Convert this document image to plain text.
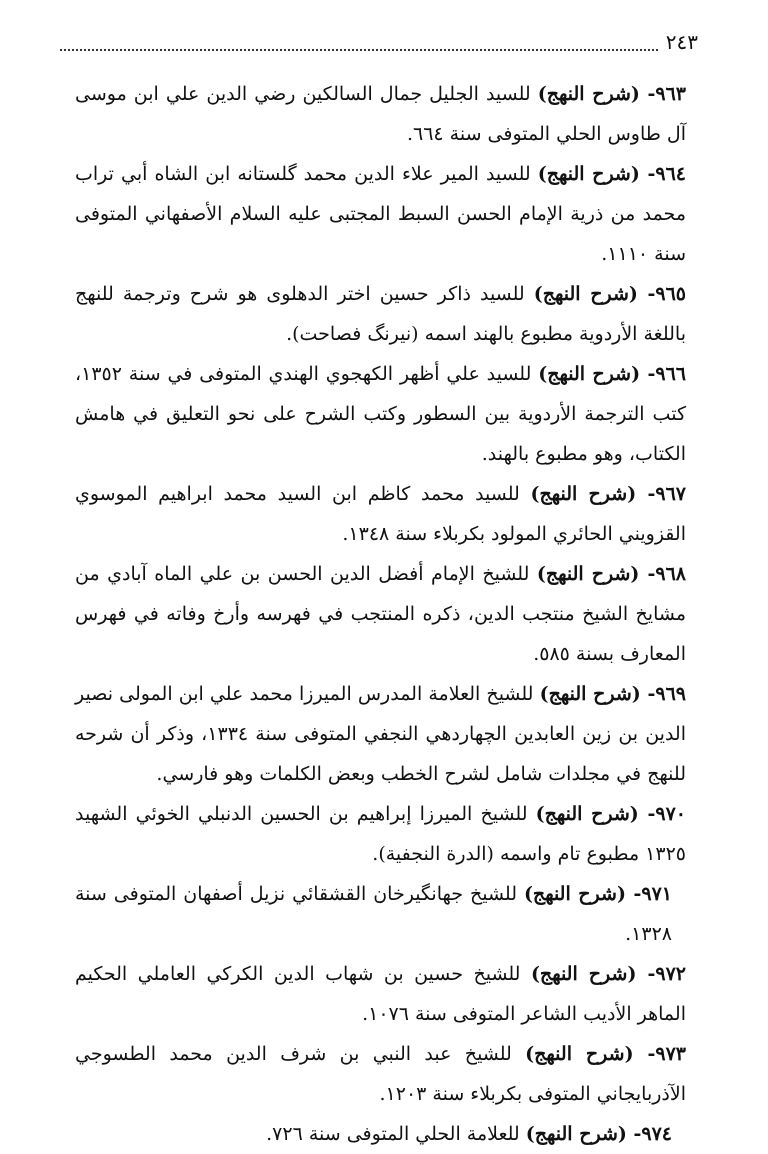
٢٤٣

٩٦٣- (شرح النهج) للسيد الجليل جمال السالكين رضي الدين علي ابن موسى آل طاوس الحلي المتوفى سنة ٦٦٤.

٩٦٤- (شرح النهج) للسيد المير علاء الدين محمد گلستانه ابن الشاه أبي تراب محمد من ذرية الإمام الحسن السبط المجتبى عليه السلام الأصفهاني المتوفى سنة ١١١٠.

٩٦٥- (شرح النهج) للسيد ذاكر حسين اختر الدهلوى هو شرح وترجمة للنهج باللغة الأردوية مطبوع بالهند اسمه (نيرنگ فصاحت).

٩٦٦- (شرح النهج) للسيد علي أظهر الكهجوي الهندي المتوفى في سنة ١٣٥٢، كتب الترجمة الأردوية بين السطور وكتب الشرح على نحو التعليق في هامش الكتاب، وهو مطبوع بالهند.

٩٦٧- (شرح النهج) للسيد محمد كاظم ابن السيد محمد ابراهيم الموسوي القزويني الحائري المولود بكربلاء سنة ١٣٤٨.

٩٦٨- (شرح النهج) للشيخ الإمام أفضل الدين الحسن بن علي الماه آبادي من مشايخ الشيخ منتجب الدين، ذكره المنتجب في فهرسه وأرخ وفاته في فهرس المعارف بسنة ٥٨٥.

٩٦٩- (شرح النهج) للشيخ العلامة المدرس الميرزا محمد علي ابن المولى نصير الدين بن زين العابدين الچهاردهي النجفي المتوفى سنة ١٣٣٤، وذكر أن شرحه للنهج في مجلدات شامل لشرح الخطب وبعض الكلمات وهو فارسي.

٩٧٠- (شرح النهج) للشيخ الميرزا إبراهيم بن الحسين الدنبلي الخوئي الشهيد ١٣٢٥ مطبوع تام واسمه (الدرة النجفية).

٩٧١- (شرح النهج) للشيخ جهانگيرخان القشقائي نزيل أصفهان المتوفى سنة ١٣٢٨.

٩٧٢- (شرح النهج) للشيخ حسين بن شهاب الدين الكركي العاملي الحكيم الماهر الأديب الشاعر المتوفى سنة ١٠٧٦.

٩٧٣- (شرح النهج) للشيخ عبد النبي بن شرف الدين محمد الطسوجي الآذربايجاني المتوفى بكربلاء سنة ١٢٠٣.

٩٧٤- (شرح النهج) للعلامة الحلي المتوفى سنة ٧٢٦.
